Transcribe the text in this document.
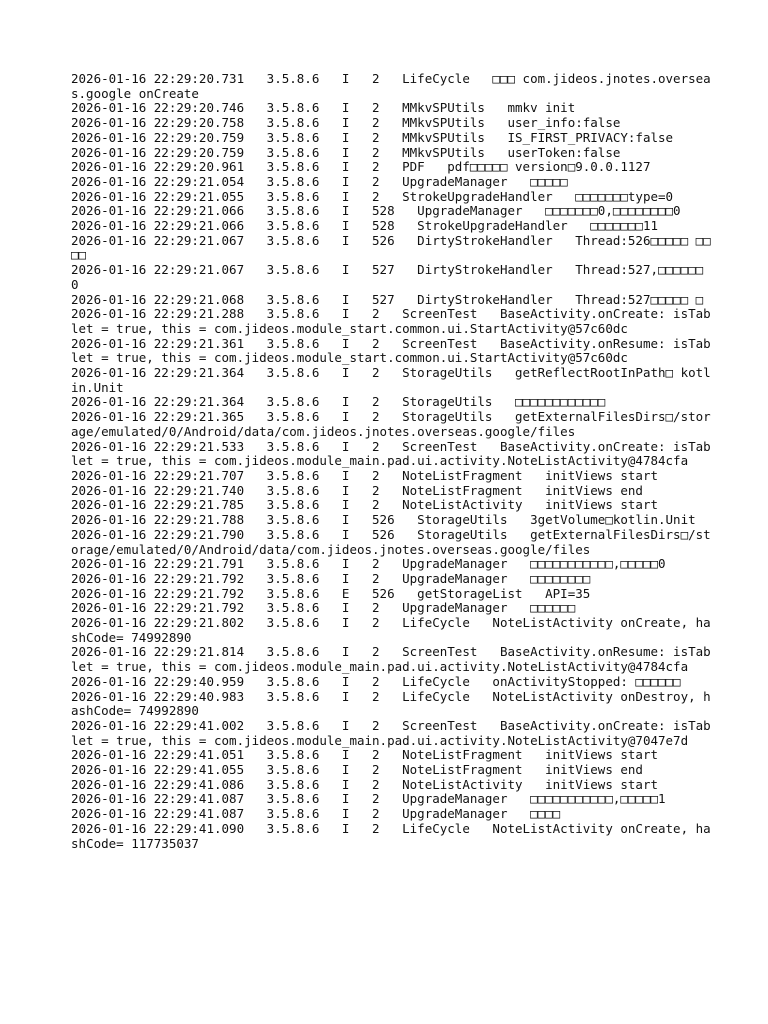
2026-01-16 22:29:20.731   3.5.8.6   I   2   LifeCycle   □□□ com.jideos.jnotes.overseas.google onCreate
2026-01-16 22:29:20.746   3.5.8.6   I   2   MMkvSPUtils   mmkv init
2026-01-16 22:29:20.758   3.5.8.6   I   2   MMkvSPUtils   user_info:false
2026-01-16 22:29:20.759   3.5.8.6   I   2   MMkvSPUtils   IS_FIRST_PRIVACY:false
2026-01-16 22:29:20.759   3.5.8.6   I   2   MMkvSPUtils   userToken:false
2026-01-16 22:29:20.961   3.5.8.6   I   2   PDF   pdf□□□□□ version□9.0.0.1127
2026-01-16 22:29:21.054   3.5.8.6   I   2   UpgradeManager   □□□□□
2026-01-16 22:29:21.055   3.5.8.6   I   2   StrokeUpgradeHandler   □□□□□□□type=0
2026-01-16 22:29:21.066   3.5.8.6   I   528   UpgradeManager   □□□□□□□0,□□□□□□□□0
2026-01-16 22:29:21.066   3.5.8.6   I   528   StrokeUpgradeHandler   □□□□□□□11
2026-01-16 22:29:21.067   3.5.8.6   I   526   DirtyStrokeHandler   Thread:526□□□□□ □□□□
2026-01-16 22:29:21.067   3.5.8.6   I   527   DirtyStrokeHandler   Thread:527,□□□□□□ 0
2026-01-16 22:29:21.068   3.5.8.6   I   527   DirtyStrokeHandler   Thread:527□□□□□ □
2026-01-16 22:29:21.288   3.5.8.6   I   2   ScreenTest   BaseActivity.onCreate: isTablet = true, this = com.jideos.module_start.common.ui.StartActivity@57c60dc
2026-01-16 22:29:21.361   3.5.8.6   I   2   ScreenTest   BaseActivity.onResume: isTablet = true, this = com.jideos.module_start.common.ui.StartActivity@57c60dc
2026-01-16 22:29:21.364   3.5.8.6   I   2   StorageUtils   getReflectRootInPath□ kotlin.Unit
2026-01-16 22:29:21.364   3.5.8.6   I   2   StorageUtils   □□□□□□□□□□□□
2026-01-16 22:29:21.365   3.5.8.6   I   2   StorageUtils   getExternalFilesDirs□/storage/emulated/0/Android/data/com.jideos.jnotes.overseas.google/files
2026-01-16 22:29:21.533   3.5.8.6   I   2   ScreenTest   BaseActivity.onCreate: isTablet = true, this = com.jideos.module_main.pad.ui.activity.NoteListActivity@4784cfa
2026-01-16 22:29:21.707   3.5.8.6   I   2   NoteListFragment   initViews start
2026-01-16 22:29:21.740   3.5.8.6   I   2   NoteListFragment   initViews end
2026-01-16 22:29:21.785   3.5.8.6   I   2   NoteListActivity   initViews start
2026-01-16 22:29:21.788   3.5.8.6   I   526   StorageUtils   3getVolume□kotlin.Unit
2026-01-16 22:29:21.790   3.5.8.6   I   526   StorageUtils   getExternalFilesDirs□/storage/emulated/0/Android/data/com.jideos.jnotes.overseas.google/files
2026-01-16 22:29:21.791   3.5.8.6   I   2   UpgradeManager   □□□□□□□□□□□,□□□□□0
2026-01-16 22:29:21.792   3.5.8.6   I   2   UpgradeManager   □□□□□□□□
2026-01-16 22:29:21.792   3.5.8.6   E   526   getStorageList   API=35
2026-01-16 22:29:21.792   3.5.8.6   I   2   UpgradeManager   □□□□□□
2026-01-16 22:29:21.802   3.5.8.6   I   2   LifeCycle   NoteListActivity onCreate, hashCode= 74992890
2026-01-16 22:29:21.814   3.5.8.6   I   2   ScreenTest   BaseActivity.onResume: isTablet = true, this = com.jideos.module_main.pad.ui.activity.NoteListActivity@4784cfa
2026-01-16 22:29:40.959   3.5.8.6   I   2   LifeCycle   onActivityStopped: □□□□□□
2026-01-16 22:29:40.983   3.5.8.6   I   2   LifeCycle   NoteListActivity onDestroy, hashCode= 74992890
2026-01-16 22:29:41.002   3.5.8.6   I   2   ScreenTest   BaseActivity.onCreate: isTablet = true, this = com.jideos.module_main.pad.ui.activity.NoteListActivity@7047e7d
2026-01-16 22:29:41.051   3.5.8.6   I   2   NoteListFragment   initViews start
2026-01-16 22:29:41.055   3.5.8.6   I   2   NoteListFragment   initViews end
2026-01-16 22:29:41.086   3.5.8.6   I   2   NoteListActivity   initViews start
2026-01-16 22:29:41.087   3.5.8.6   I   2   UpgradeManager   □□□□□□□□□□□,□□□□□1
2026-01-16 22:29:41.087   3.5.8.6   I   2   UpgradeManager   □□□□
2026-01-16 22:29:41.090   3.5.8.6   I   2   LifeCycle   NoteListActivity onCreate, hashCode= 117735037
